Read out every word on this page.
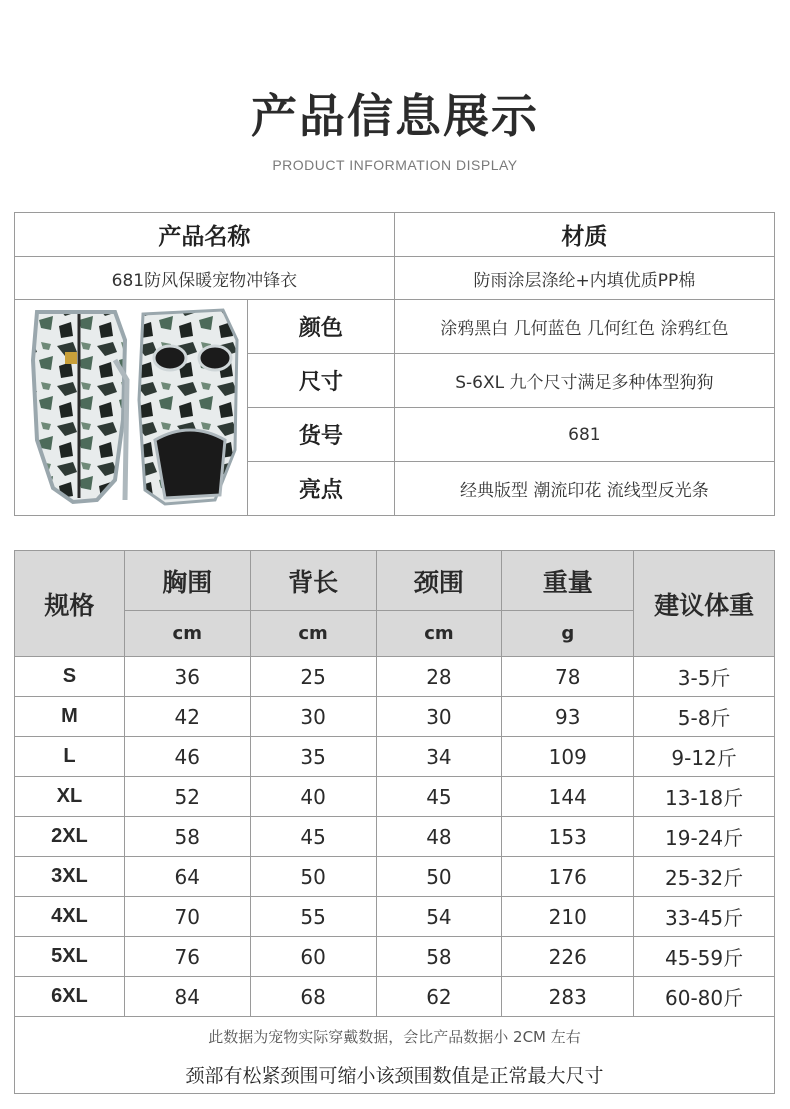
产品信息展示
PRODUCT INFORMATION DISPLAY
产品名称		材质
681防风保暖宠物冲锋衣		防雨涂层涤纶+内填优质PP棉

	颜色	涂鸦黑白 几何蓝色 几何红色 涂鸦红色
	尺寸	S-6XL 九个尺寸满足多种体型狗狗
	货号	681
	亮点	经典版型 潮流印花 流线型反光条
规格	胸围	背长	颈围	重量	建议体重
	cm	cm	cm	g	
S	36	25	28	78	3-5斤
M	42	30	30	93	5-8斤
L	46	35	34	109	9-12斤
XL	52	40	45	144	13-18斤
2XL	58	45	48	153	19-24斤
3XL	64	50	50	176	25-32斤
4XL	70	55	54	210	33-45斤
5XL	76	60	58	226	45-59斤
6XL	84	68	62	283	60-80斤
此数据为宠物实际穿戴数据，会比产品数据小 2CM 左右					
颈部有松紧颈围可缩小该颈围数值是正常最大尺寸					
